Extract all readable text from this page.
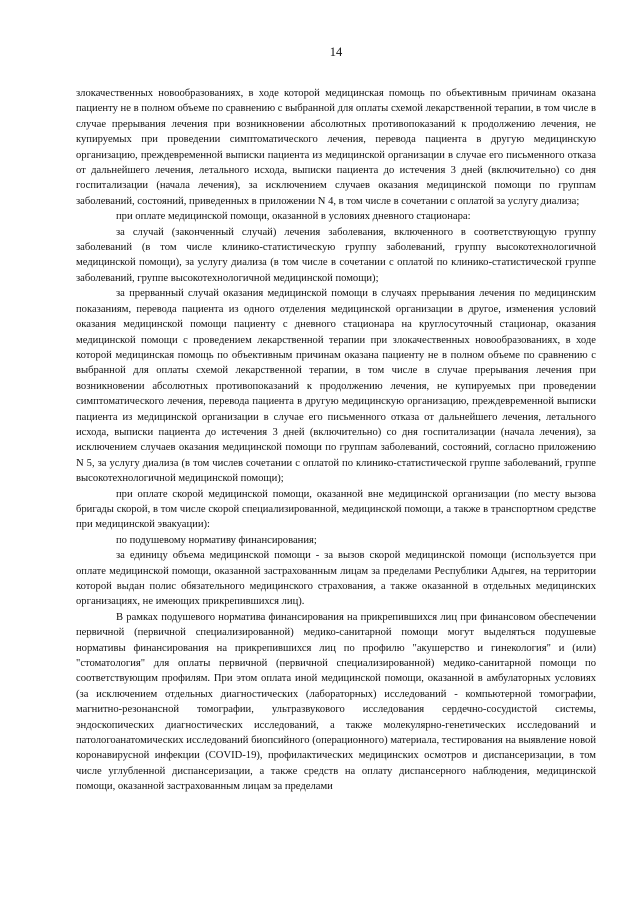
14

злокачественных новообразованиях, в ходе которой медицинская помощь по объективным причинам оказана пациенту не в полном объеме по сравнению с выбранной для оплаты схемой лекарственной терапии, в том числе в случае прерывания лечения при возникновении абсолютных противопоказаний к продолжению лечения, не купируемых при проведении симптоматического лечения, перевода пациента в другую медицинскую организацию, преждевременной выписки пациента из медицинской организации в случае его письменного отказа от дальнейшего лечения, летального исхода, выписки пациента до истечения 3 дней (включительно) со дня госпитализации (начала лечения), за исключением случаев оказания медицинской помощи по группам заболеваний, состояний, приведенных в приложении N 4, в том числе в сочетании с оплатой за услугу диализа;

при оплате медицинской помощи, оказанной в условиях дневного стационара:

за случай (законченный случай) лечения заболевания, включенного в соответствующую группу заболеваний (в том числе клинико-статистическую группу заболеваний, группу высокотехнологичной медицинской помощи), за услугу диализа (в том числе в сочетании с оплатой по клинико-статистической группе заболеваний, группе высокотехнологичной медицинской помощи);

за прерванный случай оказания медицинской помощи в случаях прерывания лечения по медицинским показаниям, перевода пациента из одного отделения медицинской организации в другое, изменения условий оказания медицинской помощи пациенту с дневного стационара на круглосуточный стационар, оказания медицинской помощи с проведением лекарственной терапии при злокачественных новообразованиях, в ходе которой медицинская помощь по объективным причинам оказана пациенту не в полном объеме по сравнению с выбранной для оплаты схемой лекарственной терапии, в том числе в случае прерывания лечения при возникновении абсолютных противопоказаний к продолжению лечения, не купируемых при проведении симптоматического лечения, перевода пациента в другую медицинскую организацию, преждевременной выписки пациента из медицинской организации в случае его письменного отказа от дальнейшего лечения, летального исхода, выписки пациента до истечения 3 дней (включительно) со дня госпитализации (начала лечения), за исключением случаев оказания медицинской помощи по группам заболеваний, состояний, согласно приложению N 5, за услугу диализа (в том числев сочетании с оплатой по клинико-статистической группе заболеваний, группе высокотехнологичной медицинской помощи);

при оплате скорой медицинской помощи, оказанной вне медицинской организации (по месту вызова бригады скорой, в том числе скорой специализированной, медицинской помощи, а также в транспортном средстве при медицинской эвакуации):

по подушевому нормативу финансирования;

за единицу объема медицинской помощи - за вызов скорой медицинской помощи (используется при оплате медицинской помощи, оказанной застрахованным лицам за пределами Республики Адыгея, на территории которой выдан полис обязательного медицинского страхования, а также оказанной в отдельных медицинских организациях, не имеющих прикрепившихся лиц).

В рамках подушевого норматива финансирования на прикрепившихся лиц при финансовом обеспечении первичной (первичной специализированной) медико-санитарной помощи могут выделяться подушевые нормативы финансирования на прикрепившихся лиц по профилю "акушерство и гинекология" и (или) "стоматология" для оплаты первичной (первичной специализированной) медико-санитарной помощи по соответствующим профилям. При этом оплата иной медицинской помощи, оказанной в амбулаторных условиях (за исключением отдельных диагностических (лабораторных) исследований - компьютерной томографии, магнитно-резонансной томографии, ультразвукового исследования сердечно-сосудистой системы, эндоскопических диагностических исследований, а также молекулярно-генетических исследований и патологоанатомических исследований биопсийного (операционного) материала, тестирования на выявление новой коронавирусной инфекции (COVID-19), профилактических медицинских осмотров и диспансеризации, в том числе углубленной диспансеризации, а также средств на оплату диспансерного наблюдения, медицинской помощи, оказанной застрахованным лицам за пределами
